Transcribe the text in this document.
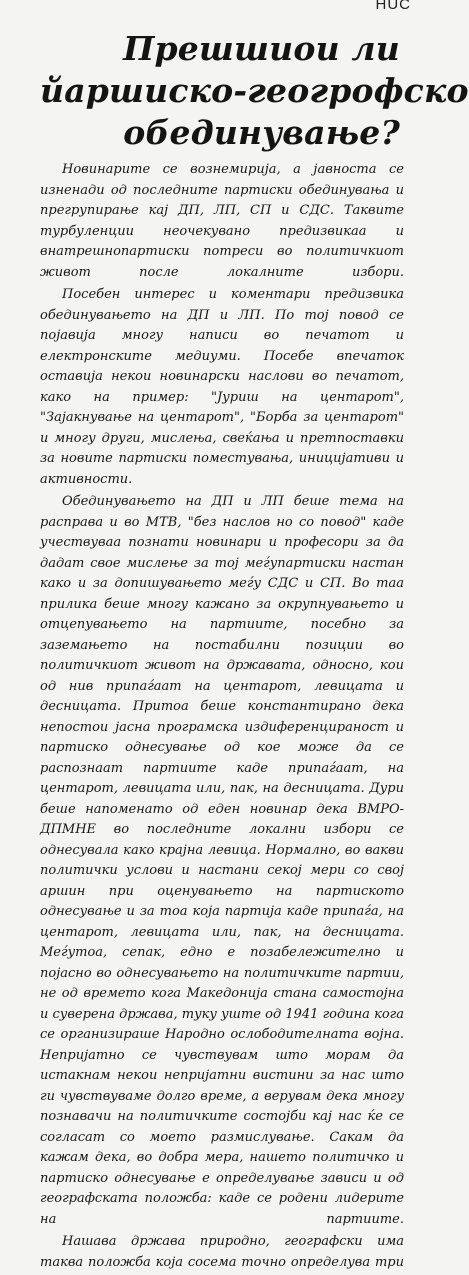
HUC
Прешшиои ли
йаршиско-геогрофско
обединување?

Новинарите се вознемирија, а јавноста се изненади од последните партиски обединувања и прегрупирање кај ДП, ЛП, СП и СДС. Таквите турбуленции неочекувано предизвикаа и внатрешнопартиски потреси во политичкиот живот после локалните избори.

Посебен интерес и коментари предизвика обединувањето на ДП и ЛП. По тој повод се појавија многу написи во печатот и електронските медиуми. Посебе впечаток оставија некои новинарски наслови во печатот, како на пример: "Јуриш на центарот", "Зајакнување на центарот", "Борба за центарот" и многу други, мислења, свеќања и претпоставки за новите партиски поместувања, иницијативи и активности.

Обединувањето на ДП и ЛП беше тема на расправа и во МТВ, "без наслов но со повод" каде учествуваа познати новинари и професори за да дадат свое мислење за тој меѓупартиски настан како и за допишувањето меѓу СДС и СП. Во таа прилика беше многу кажано за окрупнувањето и отцепувањето на партиите, посебно за заземањето на постабилни позиции во политичкиот живот на државата, односно, кои од нив припаѓаат на центарот, левицата и десницата. Притоа беше константирано дека непостои јасна програмска издиференцираност и партиско однесување од кое може да се распознаат партиите каде припаѓаат, на центарот, левицата или, пак, на десницата. Дури беше напоменато од еден новинар дека ВМРО-ДПМНЕ во последните локални избори се однесувала како крајна левица. Нормално, во вакви политички услови и настани секој мери со свој аршин при оценувањето на партиското однесување и за тоа која партија каде припаѓа, на центарот, левицата или, пак, на десницата. Меѓутоа, сепак, едно е позабележително и појасно во однесувањето на политичките партии, не од времето кога Македонија стана самостојна и суверена држава, туку уште од 1941 година кога се организираше Народно ослободителната војна. Непријатно се чувствувам што морам да истакнам некои непријатни вистини за нас што ги чувствуваме долго време, а верувам дека многу познавачи на политичките состојби кај нас ќе се согласат со моето размислување. Сакам да кажам дека, во добра мера, нашето политичко и партиско однесување е определување зависи и од географската положба: каде се родени лидерите на партиите.

Нашава држава природно, географски има таква положба која сосема точно определува три
